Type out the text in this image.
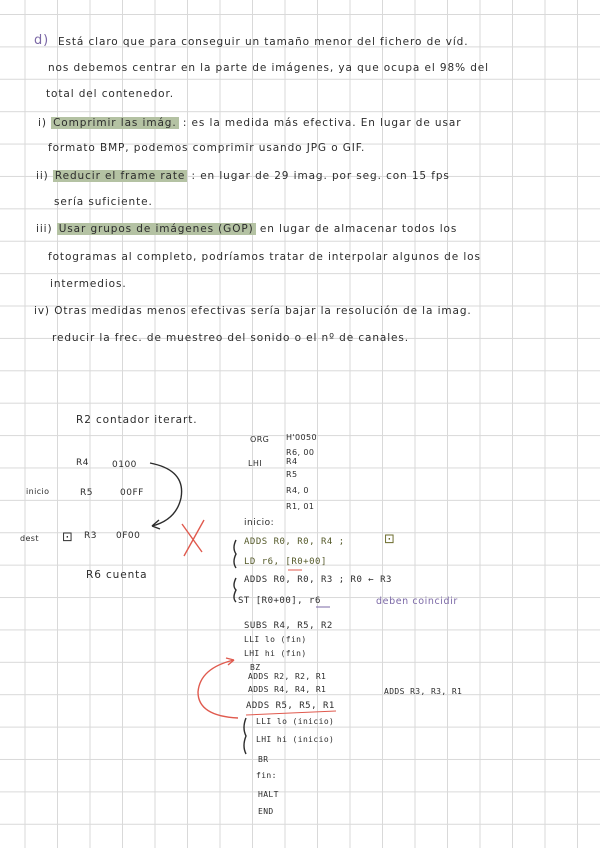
d) Está claro que para conseguir un tamaño menor del fichero de víd.
nos debemos centrar en la parte de imágenes, ya que ocupa el 98% del
total del contenedor.
i) Comprimir las imág. : es la medida más efectiva. En lugar de usar
formato BMP, podemos comprimir usando JPG o GIF.
ii) Reducir el frame rate : en lugar de 29 imag. por seg. con 15 fps
sería suficiente.
iii) Usar grupos de imágenes (GOP) en lugar de almacenar todos los
fotogramas al completo, podríamos tratar de interpolar algunos de los
intermedios.
iv) Otras medidas menos efectivas sería bajar la resolución de la imag.
reducir la frec. de muestreo del sonido o el nº de canales.
R2 contador iterart.
R4	0100
inicio	R5	00FF
dest ⊡ R3 0F00
R6 cuenta
ORG H'0050
LHI
R6, 00
R4
R5
R4, 0
R1, 01
inicio:
ADDS R0, R0, R4 ;	⊡
LD r6, [R0+00]
ADDS R0, R0, R3 ; R0 ← R3
ST [R0+00], r6	deben coincidir
SUBS R4, R5, R2
LLI lo (fin)
LHI hi (fin)
BZ
ADDS R2, R2, R1
ADDS R4, R4, R1
ADDS R5, R5, R1
ADDS R3, R3, R1
LLI lo (inicio)
LHI hi (inicio)
BR
fin:
HALT
END
